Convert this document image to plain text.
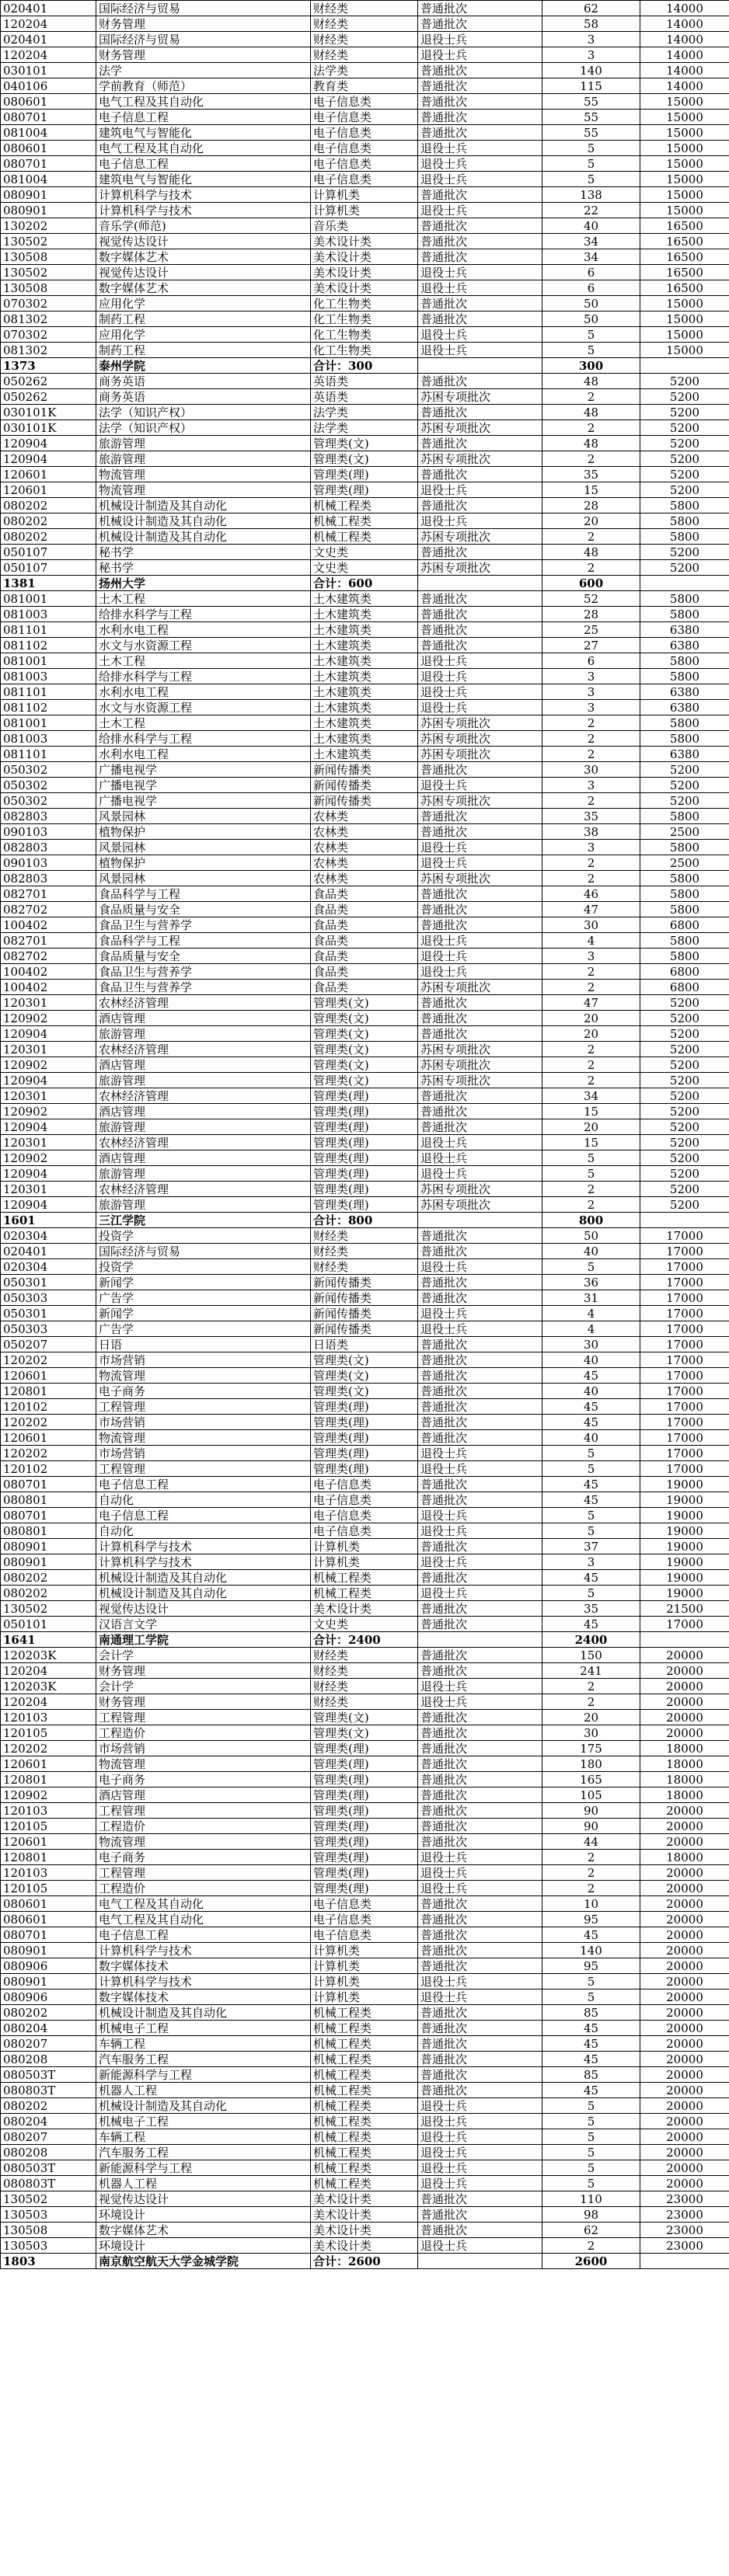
020401	国际经济与贸易	财经类	普通批次	62	14000
120204	财务管理	财经类	普通批次	58	14000
020401	国际经济与贸易	财经类	退役士兵	3	14000
120204	财务管理	财经类	退役士兵	3	14000
030101	法学	法学类	普通批次	140	14000
040106	学前教育（师范）	教育类	普通批次	115	14000
080601	电气工程及其自动化	电子信息类	普通批次	55	15000
080701	电子信息工程	电子信息类	普通批次	55	15000
081004	建筑电气与智能化	电子信息类	普通批次	55	15000
080601	电气工程及其自动化	电子信息类	退役士兵	5	15000
080701	电子信息工程	电子信息类	退役士兵	5	15000
081004	建筑电气与智能化	电子信息类	退役士兵	5	15000
080901	计算机科学与技术	计算机类	普通批次	138	15000
080901	计算机科学与技术	计算机类	退役士兵	22	15000
130202	音乐学(师范)	音乐类	普通批次	40	16500
130502	视觉传达设计	美术设计类	普通批次	34	16500
130508	数字媒体艺术	美术设计类	普通批次	34	16500
130502	视觉传达设计	美术设计类	退役士兵	6	16500
130508	数字媒体艺术	美术设计类	退役士兵	6	16500
070302	应用化学	化工生物类	普通批次	50	15000
081302	制药工程	化工生物类	普通批次	50	15000
070302	应用化学	化工生物类	退役士兵	5	15000
081302	制药工程	化工生物类	退役士兵	5	15000
1373	泰州学院	合计：300		300	
050262	商务英语	英语类	普通批次	48	5200
050262	商务英语	英语类	苏困专项批次	2	5200
030101K	法学（知识产权）	法学类	普通批次	48	5200
030101K	法学（知识产权）	法学类	苏困专项批次	2	5200
120904	旅游管理	管理类(文)	普通批次	48	5200
120904	旅游管理	管理类(文)	苏困专项批次	2	5200
120601	物流管理	管理类(理)	普通批次	35	5200
120601	物流管理	管理类(理)	退役士兵	15	5200
080202	机械设计制造及其自动化	机械工程类	普通批次	28	5800
080202	机械设计制造及其自动化	机械工程类	退役士兵	20	5800
080202	机械设计制造及其自动化	机械工程类	苏困专项批次	2	5800
050107	秘书学	文史类	普通批次	48	5200
050107	秘书学	文史类	苏困专项批次	2	5200
1381	扬州大学	合计：600		600	
081001	土木工程	土木建筑类	普通批次	52	5800
081003	给排水科学与工程	土木建筑类	普通批次	28	5800
081101	水利水电工程	土木建筑类	普通批次	25	6380
081102	水文与水资源工程	土木建筑类	普通批次	27	6380
081001	土木工程	土木建筑类	退役士兵	6	5800
081003	给排水科学与工程	土木建筑类	退役士兵	3	5800
081101	水利水电工程	土木建筑类	退役士兵	3	6380
081102	水文与水资源工程	土木建筑类	退役士兵	3	6380
081001	土木工程	土木建筑类	苏困专项批次	2	5800
081003	给排水科学与工程	土木建筑类	苏困专项批次	2	5800
081101	水利水电工程	土木建筑类	苏困专项批次	2	6380
050302	广播电视学	新闻传播类	普通批次	30	5200
050302	广播电视学	新闻传播类	退役士兵	3	5200
050302	广播电视学	新闻传播类	苏困专项批次	2	5200
082803	风景园林	农林类	普通批次	35	5800
090103	植物保护	农林类	普通批次	38	2500
082803	风景园林	农林类	退役士兵	3	5800
090103	植物保护	农林类	退役士兵	2	2500
082803	风景园林	农林类	苏困专项批次	2	5800
082701	食品科学与工程	食品类	普通批次	46	5800
082702	食品质量与安全	食品类	普通批次	47	5800
100402	食品卫生与营养学	食品类	普通批次	30	6800
082701	食品科学与工程	食品类	退役士兵	4	5800
082702	食品质量与安全	食品类	退役士兵	3	5800
100402	食品卫生与营养学	食品类	退役士兵	2	6800
100402	食品卫生与营养学	食品类	苏困专项批次	2	6800
120301	农林经济管理	管理类(文)	普通批次	47	5200
120902	酒店管理	管理类(文)	普通批次	20	5200
120904	旅游管理	管理类(文)	普通批次	20	5200
120301	农林经济管理	管理类(文)	苏困专项批次	2	5200
120902	酒店管理	管理类(文)	苏困专项批次	2	5200
120904	旅游管理	管理类(文)	苏困专项批次	2	5200
120301	农林经济管理	管理类(理)	普通批次	34	5200
120902	酒店管理	管理类(理)	普通批次	15	5200
120904	旅游管理	管理类(理)	普通批次	20	5200
120301	农林经济管理	管理类(理)	退役士兵	15	5200
120902	酒店管理	管理类(理)	退役士兵	5	5200
120904	旅游管理	管理类(理)	退役士兵	5	5200
120301	农林经济管理	管理类(理)	苏困专项批次	2	5200
120904	旅游管理	管理类(理)	苏困专项批次	2	5200
1601	三江学院	合计：800		800	
020304	投资学	财经类	普通批次	50	17000
020401	国际经济与贸易	财经类	普通批次	40	17000
020304	投资学	财经类	退役士兵	5	17000
050301	新闻学	新闻传播类	普通批次	36	17000
050303	广告学	新闻传播类	普通批次	31	17000
050301	新闻学	新闻传播类	退役士兵	4	17000
050303	广告学	新闻传播类	退役士兵	4	17000
050207	日语	日语类	普通批次	30	17000
120202	市场营销	管理类(文)	普通批次	40	17000
120601	物流管理	管理类(文)	普通批次	45	17000
120801	电子商务	管理类(文)	普通批次	40	17000
120102	工程管理	管理类(理)	普通批次	45	17000
120202	市场营销	管理类(理)	普通批次	45	17000
120601	物流管理	管理类(理)	普通批次	40	17000
120202	市场营销	管理类(理)	退役士兵	5	17000
120102	工程管理	管理类(理)	退役士兵	5	17000
080701	电子信息工程	电子信息类	普通批次	45	19000
080801	自动化	电子信息类	普通批次	45	19000
080701	电子信息工程	电子信息类	退役士兵	5	19000
080801	自动化	电子信息类	退役士兵	5	19000
080901	计算机科学与技术	计算机类	普通批次	37	19000
080901	计算机科学与技术	计算机类	退役士兵	3	19000
080202	机械设计制造及其自动化	机械工程类	普通批次	45	19000
080202	机械设计制造及其自动化	机械工程类	退役士兵	5	19000
130502	视觉传达设计	美术设计类	普通批次	35	21500
050101	汉语言文学	文史类	普通批次	45	17000
1641	南通理工学院	合计：2400		2400	
120203K	会计学	财经类	普通批次	150	20000
120204	财务管理	财经类	普通批次	241	20000
120203K	会计学	财经类	退役士兵	2	20000
120204	财务管理	财经类	退役士兵	2	20000
120103	工程管理	管理类(文)	普通批次	20	20000
120105	工程造价	管理类(文)	普通批次	30	20000
120202	市场营销	管理类(理)	普通批次	175	18000
120601	物流管理	管理类(理)	普通批次	180	18000
120801	电子商务	管理类(理)	普通批次	165	18000
120902	酒店管理	管理类(理)	普通批次	105	18000
120103	工程管理	管理类(理)	普通批次	90	20000
120105	工程造价	管理类(理)	普通批次	90	20000
120601	物流管理	管理类(理)	普通批次	44	20000
120801	电子商务	管理类(理)	退役士兵	2	18000
120103	工程管理	管理类(理)	退役士兵	2	20000
120105	工程造价	管理类(理)	退役士兵	2	20000
080601	电气工程及其自动化	电子信息类	普通批次	10	20000
080601	电气工程及其自动化	电子信息类	普通批次	95	20000
080701	电子信息工程	电子信息类	普通批次	45	20000
080901	计算机科学与技术	计算机类	普通批次	140	20000
080906	数字媒体技术	计算机类	普通批次	95	20000
080901	计算机科学与技术	计算机类	退役士兵	5	20000
080906	数字媒体技术	计算机类	退役士兵	5	20000
080202	机械设计制造及其自动化	机械工程类	普通批次	85	20000
080204	机械电子工程	机械工程类	普通批次	45	20000
080207	车辆工程	机械工程类	普通批次	45	20000
080208	汽车服务工程	机械工程类	普通批次	45	20000
080503T	新能源科学与工程	机械工程类	普通批次	85	20000
080803T	机器人工程	机械工程类	普通批次	45	20000
080202	机械设计制造及其自动化	机械工程类	退役士兵	5	20000
080204	机械电子工程	机械工程类	退役士兵	5	20000
080207	车辆工程	机械工程类	退役士兵	5	20000
080208	汽车服务工程	机械工程类	退役士兵	5	20000
080503T	新能源科学与工程	机械工程类	退役士兵	5	20000
080803T	机器人工程	机械工程类	退役士兵	5	20000
130502	视觉传达设计	美术设计类	普通批次	110	23000
130503	环境设计	美术设计类	普通批次	98	23000
130508	数字媒体艺术	美术设计类	普通批次	62	23000
130503	环境设计	美术设计类	退役士兵	2	23000
1803	南京航空航天大学金城学院	合计：2600		2600	
